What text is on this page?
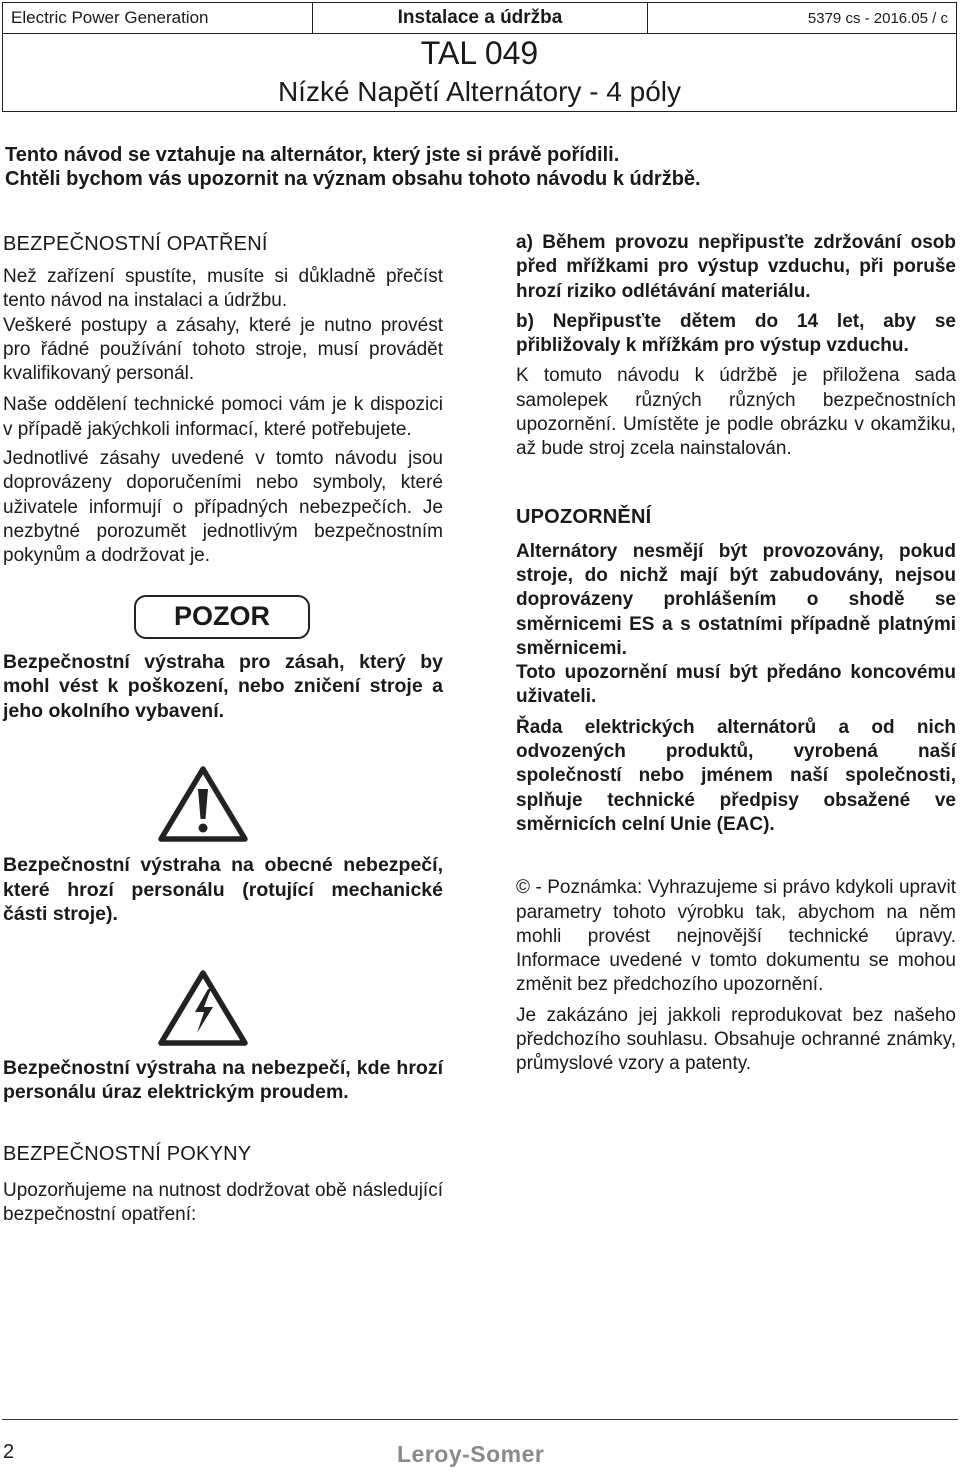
Electric Power Generation	Instalace a údržba	5379 cs - 2016.05 / c
TAL 049
Nízké Napětí Alternátory - 4 póly
Tento návod se vztahuje na alternátor, který jste si právě pořídili.
Chtěli bychom vás upozornit na význam obsahu tohoto návodu k údržbě.
BEZPEČNOSTNÍ OPATŘENÍ
Než zařízení spustíte, musíte si důkladně přečíst tento návod na instalaci a údržbu.
Veškeré postupy a zásahy, které je nutno provést pro řádné používání tohoto stroje, musí provádět kvalifikovaný personál.
Naše oddělení technické pomoci vám je k dispozici v případě jakýchkoli informací, které potřebujete.
Jednotlivé zásahy uvedené v tomto návodu jsou doprovázeny doporučeními nebo symboly, které uživatele informují o případných nebezpečích. Je nezbytné porozumět jednotlivým bezpečnostním pokynům a dodržovat je.
POZOR
Bezpečnostní výstraha pro zásah, který by mohl vést k poškození, nebo zničení stroje a jeho okolního vybavení.
Bezpečnostní výstraha na obecné nebezpečí, které hrozí personálu (rotující mechanické části stroje).
Bezpečnostní výstraha na nebezpečí, kde hrozí personálu úraz elektrickým proudem.
BEZPEČNOSTNÍ POKYNY
Upozorňujeme na nutnost dodržovat obě následující bezpečnostní opatření:
a) Během provozu nepřipusťte zdržování osob před mřížkami pro výstup vzduchu, při poruše hrozí riziko odlétávání materiálu.
b) Nepřipusťte dětem do 14 let, aby se přibližovaly k mřížkám pro výstup vzduchu.
K tomuto návodu k údržbě je přiložena sada samolepek různých různých bezpečnostních upozornění. Umístěte je podle obrázku v okamžiku, až bude stroj zcela nainstalován.
UPOZORNĚNÍ
Alternátory nesmějí být provozovány, pokud stroje, do nichž mají být zabudovány, nejsou doprovázeny prohlášením o shodě se směrnicemi ES a s ostatními případně platnými směrnicemi.
Toto upozornění musí být předáno koncovému uživateli.
Řada elektrických alternátorů a od nich odvozených produktů, vyrobená naší společností nebo jménem naší společnosti, splňuje technické předpisy obsažené ve směrnicích celní Unie (EAC).
© - Poznámka: Vyhrazujeme si právo kdykoli upravit parametry tohoto výrobku tak, abychom na něm mohli provést nejnovější technické úpravy. Informace uvedené v tomto dokumentu se mohou změnit bez předchozího upozornění.
Je zakázáno jej jakkoli reprodukovat bez našeho předchozího souhlasu. Obsahuje ochranné známky, průmyslové vzory a patenty.
2	Leroy-Somer
